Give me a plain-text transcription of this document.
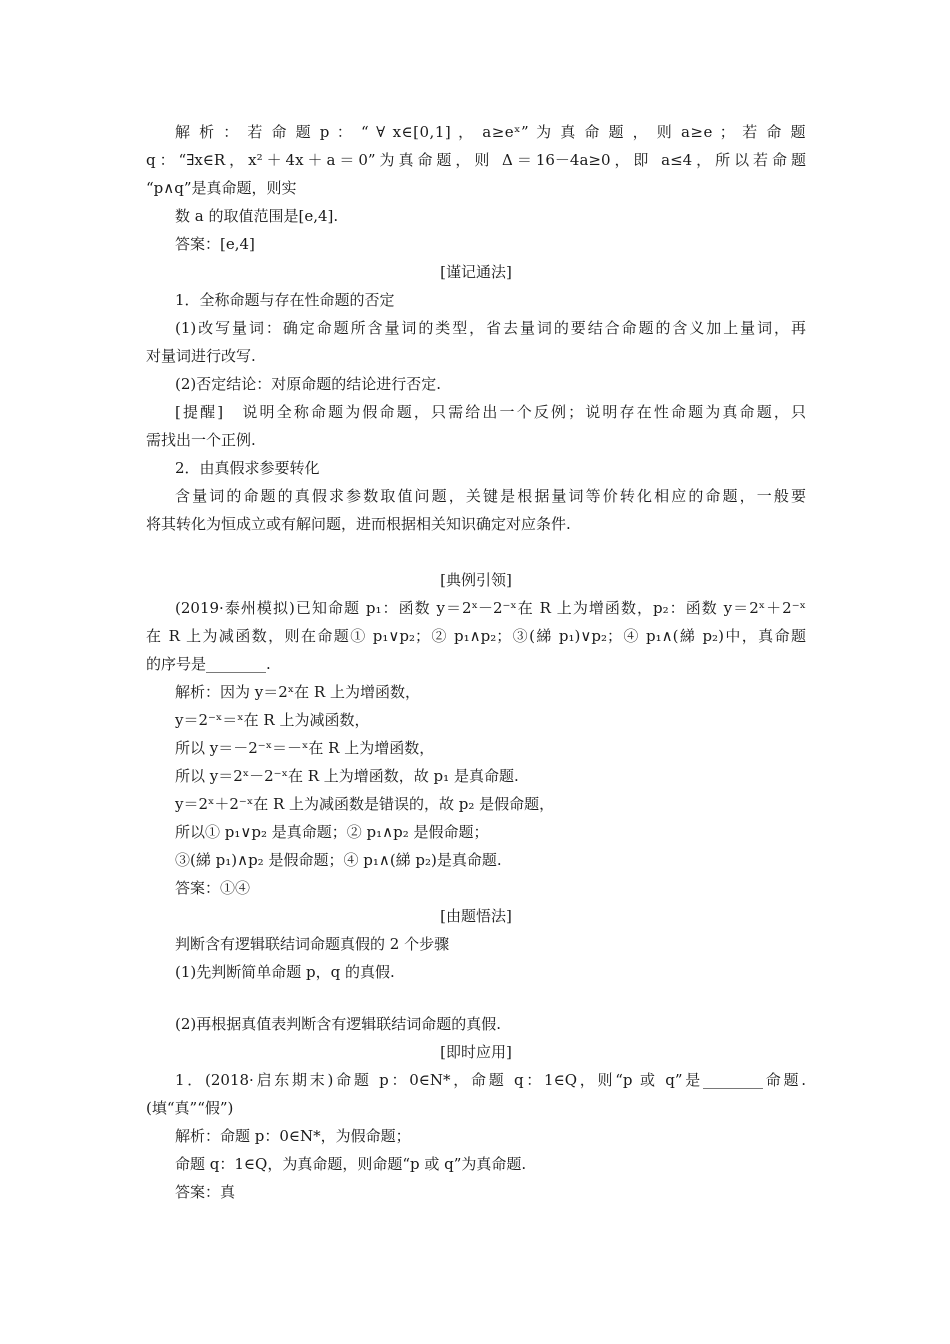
解 析 ： 若 命 题 p ： “ ∀ x∈[0,1] ， a≥eˣ” 为 真 命 题 ， 则 a≥e ； 若 命 题
q：“∃x∈R，x²＋4x＋a＝0”为真命题，则 Δ＝16－4a≥0，即 a≤4，所以若命题
“p∧q”是真命题，则实
数 a 的取值范围是[e,4].
答案：[e,4]
[谨记通法]
1．全称命题与存在性命题的否定
(1)改写量词：确定命题所含量词的类型，省去量词的要结合命题的含义加上量词，再
对量词进行改写.
(2)否定结论：对原命题的结论进行否定.
[提醒]　说明全称命题为假命题，只需给出一个反例；说明存在性命题为真命题，只
需找出一个正例.
2．由真假求参要转化
含量词的命题的真假求参数取值问题，关键是根据量词等价转化相应的命题，一般要
将其转化为恒成立或有解问题，进而根据相关知识确定对应条件.
[典例引领]
(2019·泰州模拟)已知命题 p₁：函数 y＝2ˣ－2⁻ˣ在 R 上为增函数，p₂：函数 y＝2ˣ＋2⁻ˣ
在 R 上为减函数，则在命题① p₁∨p₂；② p₁∧p₂；③(綈 p₁)∨p₂；④ p₁∧(綈 p₂)中，真命题
的序号是________.
解析：因为 y＝2ˣ在 R 上为增函数，
y＝2⁻ˣ＝ˣ在 R 上为减函数，
所以 y＝－2⁻ˣ＝－ˣ在 R 上为增函数，
所以 y＝2ˣ－2⁻ˣ在 R 上为增函数，故 p₁ 是真命题.
y＝2ˣ＋2⁻ˣ在 R 上为减函数是错误的，故 p₂ 是假命题，
所以① p₁∨p₂ 是真命题；② p₁∧p₂ 是假命题；
③(綈 p₁)∧p₂ 是假命题；④ p₁∧(綈 p₂)是真命题.
答案：①④
[由题悟法]
判断含有逻辑联结词命题真假的 2 个步骤
(1)先判断简单命题 p，q 的真假.
(2)再根据真值表判断含有逻辑联结词命题的真假.
[即时应用]
1．(2018·启东期末)命题 p：0∈N*，命题 q：1∈Q，则“p 或 q”是________命题.
(填“真”“假”)
解析：命题 p：0∈N*，为假命题；
命题 q：1∈Q，为真命题，则命题“p 或 q”为真命题.
答案：真
